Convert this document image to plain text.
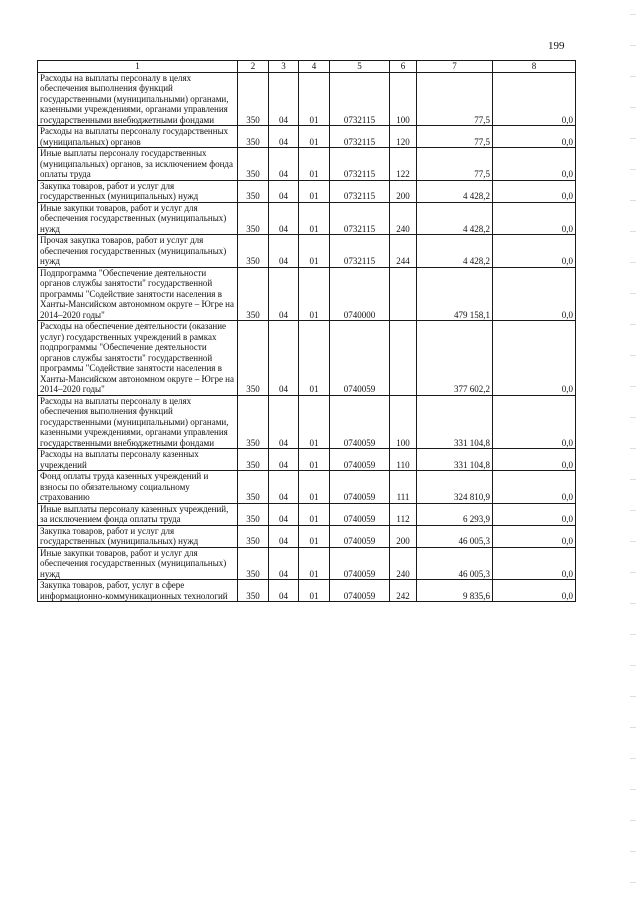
199
1	2	3	4	5	6	7	8
Расходы на выплаты персоналу в целях обеспечения выполнения функций государственными (муниципальными) органами, казенными учреждениями, органами управления государственными внебюджетными фондами	350	04	01	0732115	100	77,5	0,0
Расходы на выплаты персоналу государственных (муниципальных) органов	350	04	01	0732115	120	77,5	0,0
Иные выплаты персоналу государственных (муниципальных) органов, за исключением фонда оплаты труда	350	04	01	0732115	122	77,5	0,0
Закупка товаров, работ и услуг для государственных (муниципальных) нужд	350	04	01	0732115	200	4 428,2	0,0
Иные закупки товаров, работ и услуг для обеспечения государственных (муниципальных) нужд	350	04	01	0732115	240	4 428,2	0,0
Прочая закупка товаров, работ и услуг для обеспечения государственных (муниципальных) нужд	350	04	01	0732115	244	4 428,2	0,0
Подпрограмма "Обеспечение деятельности органов службы занятости" государственной программы "Содействие занятости населения в Ханты-Мансийском автономном округе – Югре на 2014–2020 годы"	350	04	01	0740000		479 158,1	0,0
Расходы на обеспечение деятельности (оказание услуг) государственных учреждений в рамках подпрограммы "Обеспечение деятельности органов службы занятости" государственной программы "Содействие занятости населения в Ханты-Мансийском автономном округе – Югре на 2014–2020 годы"	350	04	01	0740059		377 602,2	0,0
Расходы на выплаты персоналу в целях обеспечения выполнения функций государственными (муниципальными) органами, казенными учреждениями, органами управления государственными внебюджетными фондами	350	04	01	0740059	100	331 104,8	0,0
Расходы на выплаты персоналу казенных учреждений	350	04	01	0740059	110	331 104,8	0,0
Фонд оплаты труда казенных учреждений и взносы по обязательному социальному страхованию	350	04	01	0740059	111	324 810,9	0,0
Иные выплаты персоналу казенных учреждений, за исключением фонда оплаты труда	350	04	01	0740059	112	6 293,9	0,0
Закупка товаров, работ и услуг для государственных (муниципальных) нужд	350	04	01	0740059	200	46 005,3	0,0
Иные закупки товаров, работ и услуг для обеспечения государственных (муниципальных) нужд	350	04	01	0740059	240	46 005,3	0,0
Закупка товаров, работ, услуг в сфере информационно-коммуникационных технологий	350	04	01	0740059	242	9 835,6	0,0
